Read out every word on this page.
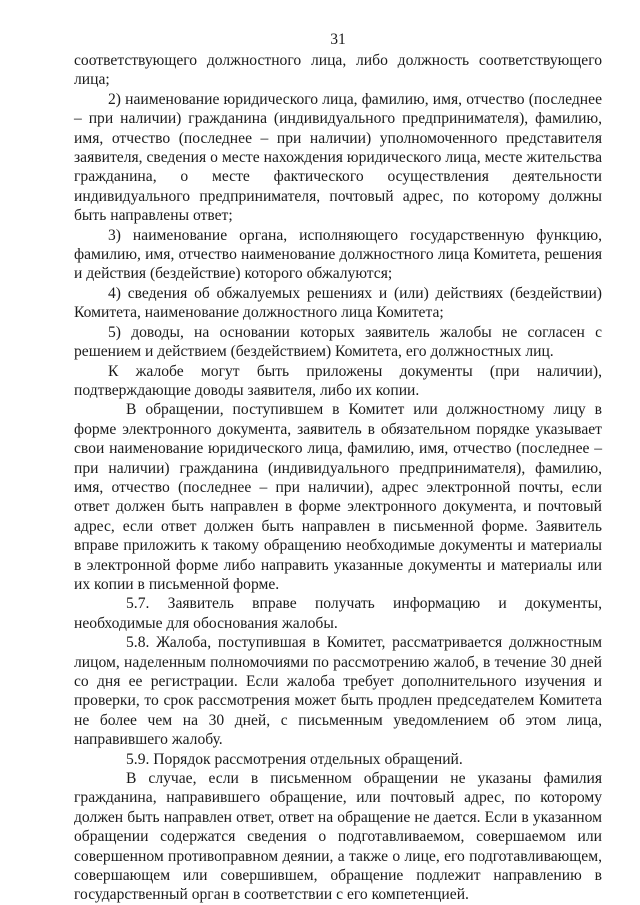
31

соответствующего должностного лица, либо должность соответствующего лица;

2) наименование юридического лица, фамилию, имя, отчество (последнее – при наличии) гражданина (индивидуального предпринимателя), фамилию, имя, отчество (последнее – при наличии) уполномоченного представителя заявителя, сведения о месте нахождения юридического лица, месте жительства гражданина, о месте фактического осуществления деятельности индивидуального предпринимателя, почтовый адрес, по которому должны быть направлены ответ;

3) наименование органа, исполняющего государственную функцию, фамилию, имя, отчество наименование должностного лица Комитета, решения и действия (бездействие) которого обжалуются;

4) сведения об обжалуемых решениях и (или) действиях (бездействии) Комитета, наименование должностного лица Комитета;

5) доводы, на основании которых заявитель жалобы не согласен с решением и действием (бездействием) Комитета, его должностных лиц.

К жалобе могут быть приложены документы (при наличии), подтверждающие доводы заявителя, либо их копии.

В обращении, поступившем в Комитет или должностному лицу в форме электронного документа, заявитель в обязательном порядке указывает свои наименование юридического лица, фамилию, имя, отчество (последнее – при наличии) гражданина (индивидуального предпринимателя), фамилию, имя, отчество (последнее – при наличии), адрес электронной почты, если ответ должен быть направлен в форме электронного документа, и почтовый адрес, если ответ должен быть направлен в письменной форме. Заявитель вправе приложить к такому обращению необходимые документы и материалы в электронной форме либо направить указанные документы и материалы или их копии в письменной форме.

5.7. Заявитель вправе получать информацию и документы, необходимые для обоснования жалобы.

5.8. Жалоба, поступившая в Комитет, рассматривается должностным лицом, наделенным полномочиями по рассмотрению жалоб, в течение 30 дней со дня ее регистрации. Если жалоба требует дополнительного изучения и проверки, то срок рассмотрения может быть продлен председателем Комитета не более чем на 30 дней, с письменным уведомлением об этом лица, направившего жалобу.

5.9. Порядок рассмотрения отдельных обращений.

В случае, если в письменном обращении не указаны фамилия гражданина, направившего обращение, или почтовый адрес, по которому должен быть направлен ответ, ответ на обращение не дается. Если в указанном обращении содержатся сведения о подготавливаемом, совершаемом или совершенном противоправном деянии, а также о лице, его подготавливающем, совершающем или совершившем, обращение подлежит направлению в государственный орган в соответствии с его компетенцией.
